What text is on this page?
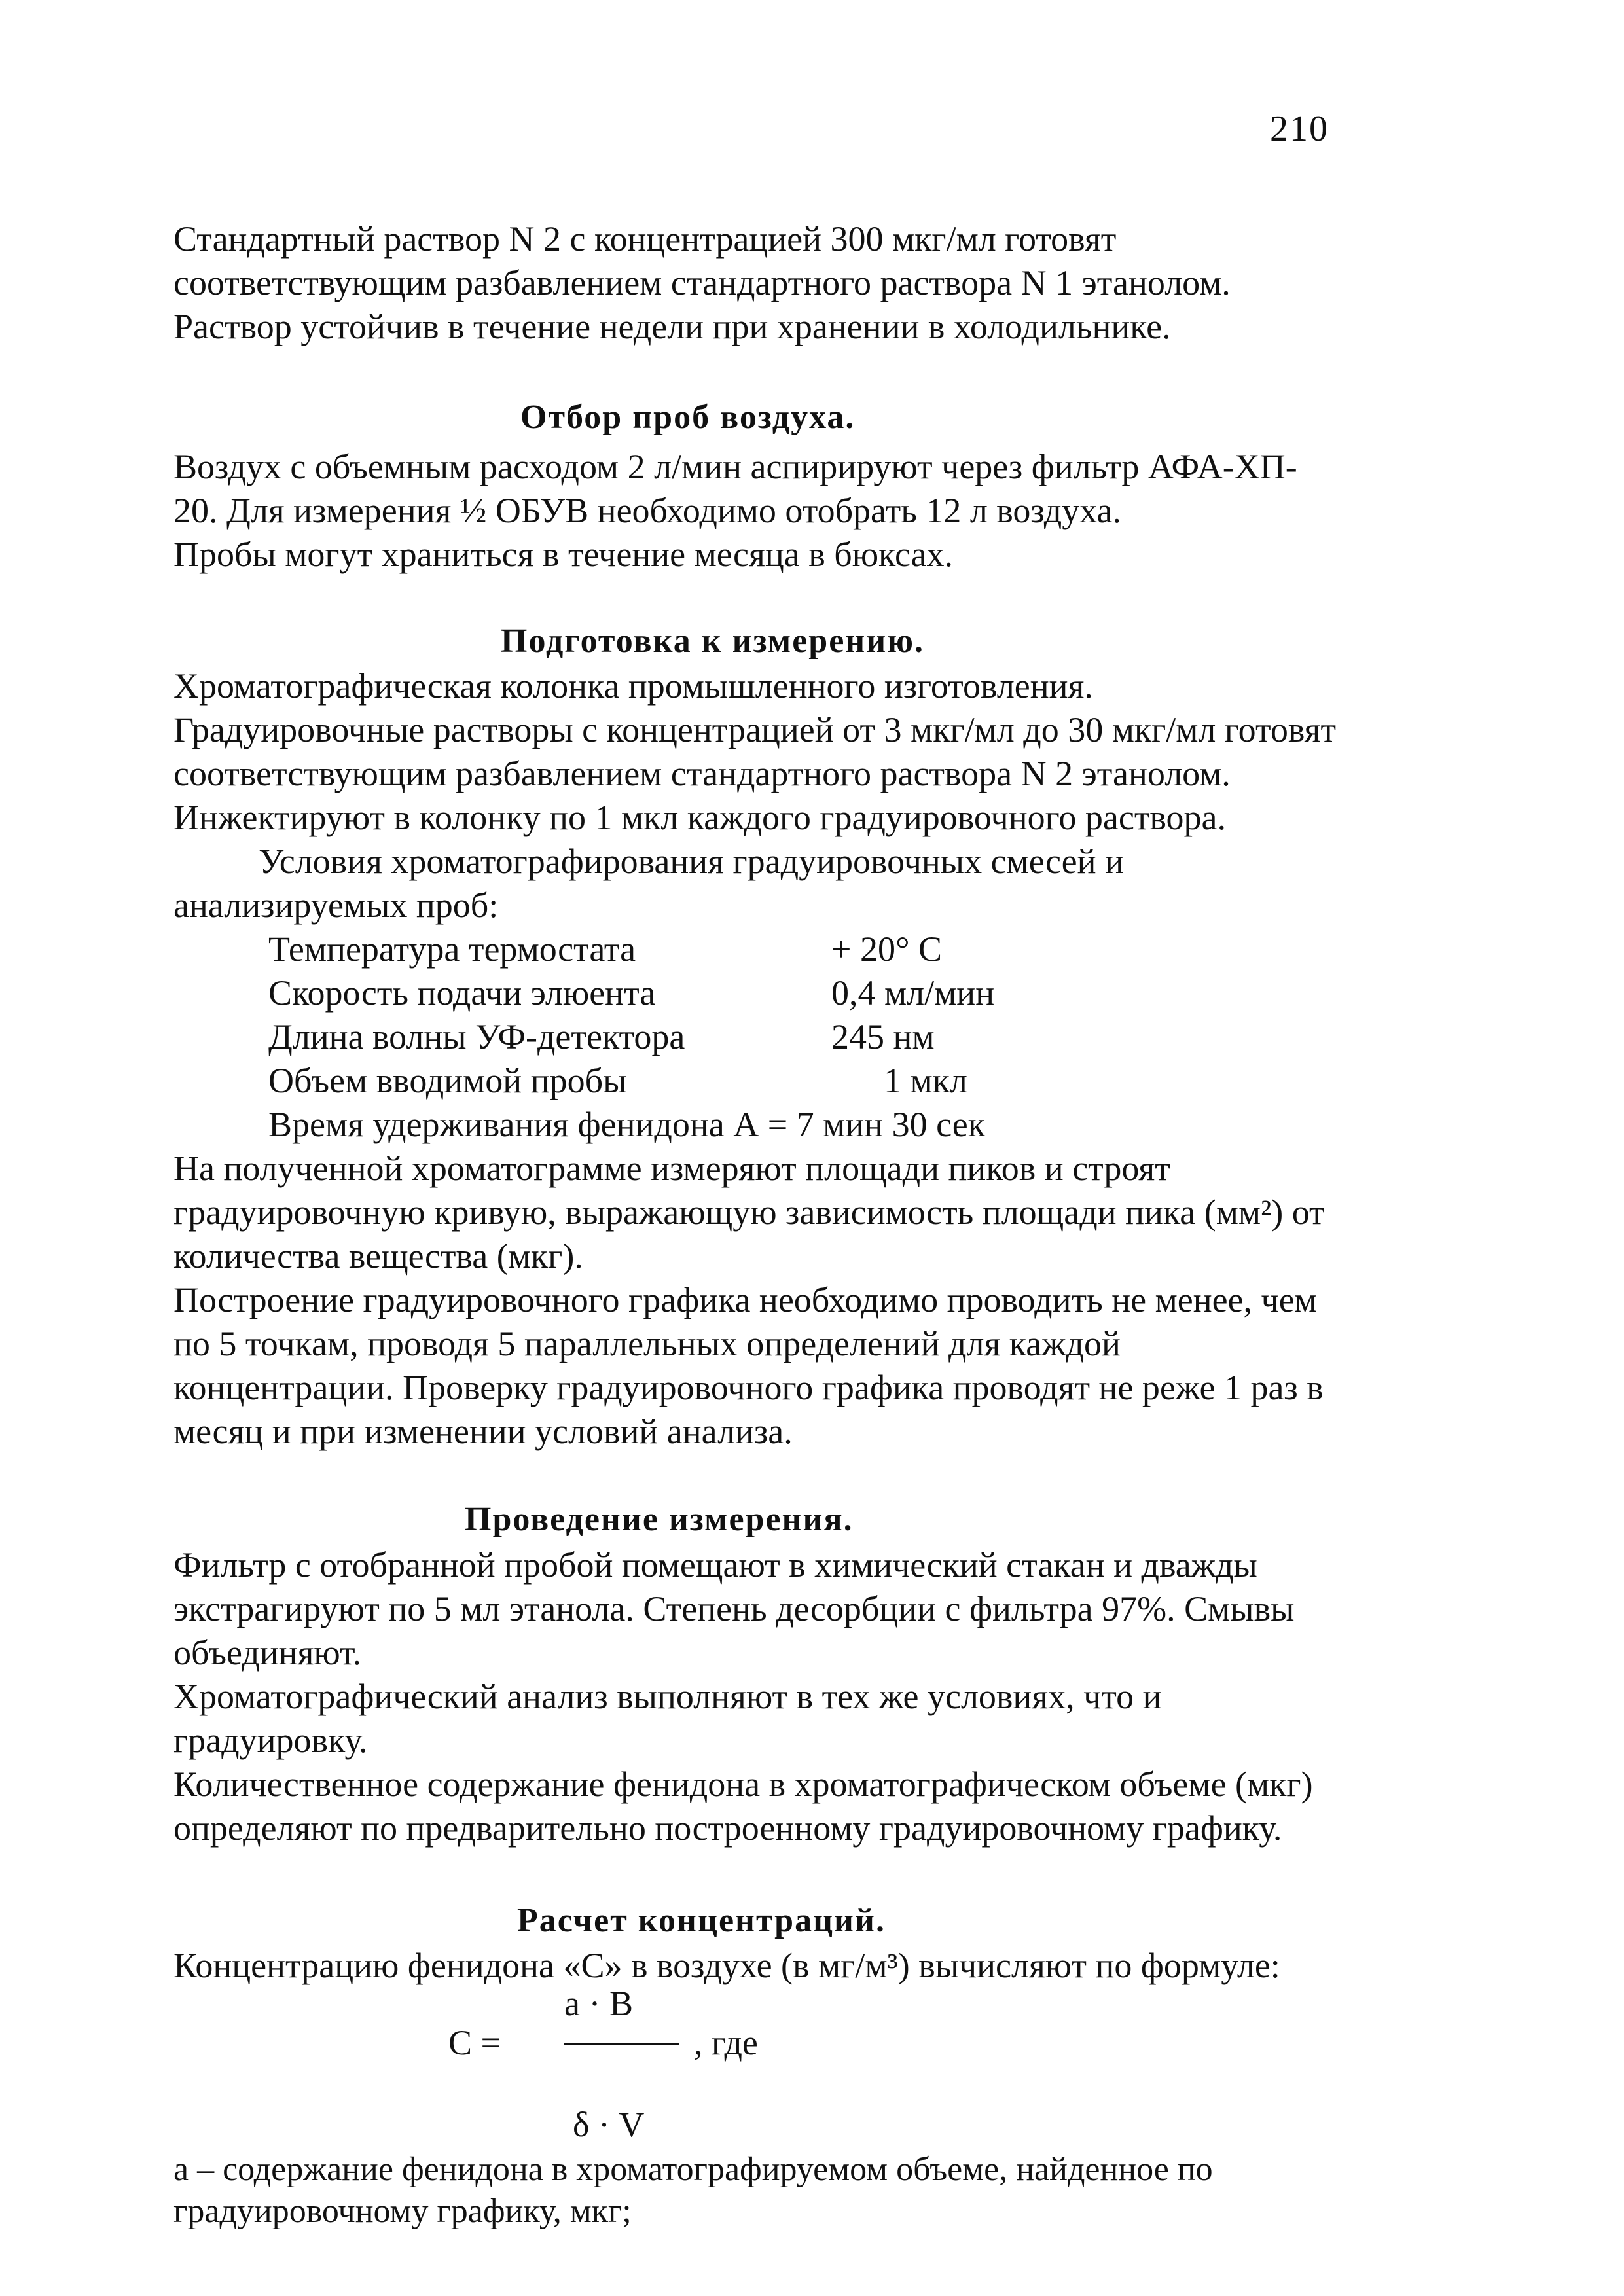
210

Стандартный раствор N 2 с концентрацией 300 мкг/мл готовят

соответствующим разбавлением стандартного раствора N 1 этанолом.

Раствор устойчив в течение недели при хранении в холодильнике.

Отбор проб воздуха.

Воздух с объемным расходом 2 л/мин аспирируют через фильтр АФА-ХП-

20. Для измерения ½ ОБУВ необходимо отобрать 12 л воздуха.

Пробы могут храниться в течение месяца в бюксах.

Подготовка к измерению.

Хроматографическая колонка промышленного изготовления.

Градуировочные растворы с концентрацией от 3 мкг/мл до 30 мкг/мл готовят

соответствующим разбавлением стандартного раствора N 2 этанолом.

Инжектируют в колонку по 1 мкл каждого градуировочного раствора.

Условия хроматографирования градуировочных смесей и

анализируемых проб:

Температура термостата	+ 20° С
Скорость подачи элюента	0,4 мл/мин
Длина волны УФ-детектора	245 нм
Объем вводимой пробы	1 мкл
Время удерживания фенидона А = 7 мин 30 сек

На полученной хроматограмме измеряют площади пиков и строят

градуировочную кривую, выражающую зависимость площади пика (мм²) от

количества вещества (мкг).

Построение градуировочного графика необходимо проводить не менее, чем

по 5 точкам, проводя 5 параллельных определений для каждой

концентрации. Проверку градуировочного графика проводят не реже 1 раз в

месяц и при изменении условий анализа.

Проведение измерения.

Фильтр с отобранной пробой помещают в химический стакан и дважды

экстрагируют по 5 мл этанола. Степень десорбции с фильтра 97%. Смывы

объединяют.

Хроматографический анализ выполняют в тех же условиях, что и

градуировку.

Количественное содержание фенидона в хроматографическом объеме (мкг)

определяют по предварительно построенному градуировочному графику.

Расчет концентраций.

Концентрацию фенидона «С» в воздухе (в мг/м³) вычисляют по формуле:

а · В
С =	, где
δ · V

а – содержание фенидона в хроматографируемом объеме, найденное по

градуировочному графику, мкг;
